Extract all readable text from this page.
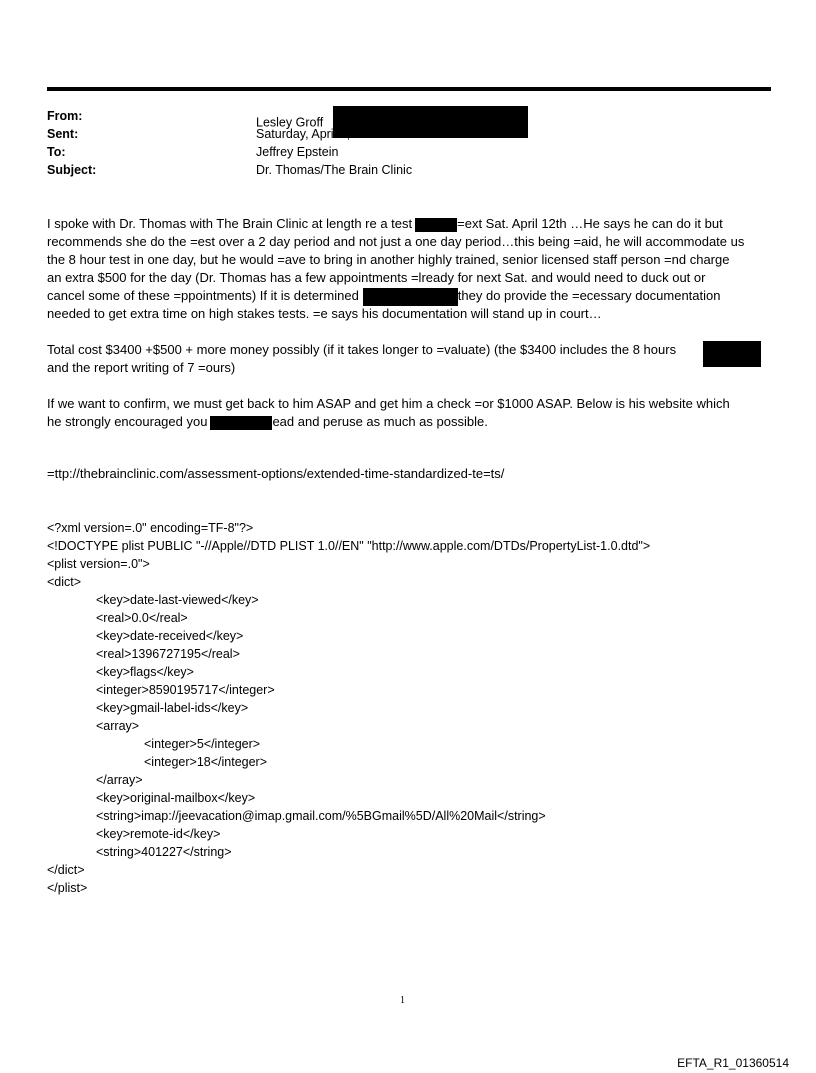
From:	Lesley Groff
Sent:	Saturday, April 5, 2014 7:46 PM
To:	Jeffrey Epstein
Subject:	Dr. Thomas/The Brain Clinic
I spoke with Dr. Thomas with The Brain Clinic at length re a test	=ext Sat. April 12th …He says he can do it but
recommends she do the =est over a 2 day period and not just a one day period…this being =aid, he will accommodate us
the 8 hour test in one day, but he would =ave to bring in another highly trained, senior licensed staff person =nd charge
an extra $500 for the day (Dr. Thomas has a few appointments =lready for next Sat. and would need to duck out or
cancel some of these =ppointments) If it is determined	they do provide the =ecessary documentation
needed to get extra time on high stakes tests. =e says his documentation will stand up in court…
Total cost $3400 +$500 + more money possibly (if it takes longer to =valuate) (the $3400 includes the 8 hours
and the report writing of 7 =ours)
If we want to confirm, we must get back to him ASAP and get him a check =or $1000 ASAP. Below is his website which
he strongly encouraged you	ead and peruse as much as possible.
=ttp://thebrainclinic.com/assessment-options/extended-time-standardized-te=ts/
<?xml version=.0" encoding=TF-8"?>
<!DOCTYPE plist PUBLIC "-//Apple//DTD PLIST 1.0//EN" "http://www.apple.com/DTDs/PropertyList-1.0.dtd">
<plist version=.0">
<dict>
<key>date-last-viewed</key>
<real>0.0</real>
<key>date-received</key>
<real>1396727195</real>
<key>flags</key>
<integer>8590195717</integer>
<key>gmail-label-ids</key>
<array>
<integer>5</integer>
<integer>18</integer>
</array>
<key>original-mailbox</key>
<string>imap://jeevacation@imap.gmail.com/%5BGmail%5D/All%20Mail</string>
<key>remote-id</key>
<string>401227</string>
</dict>
</plist>
1
EFTA_R1_01360514
